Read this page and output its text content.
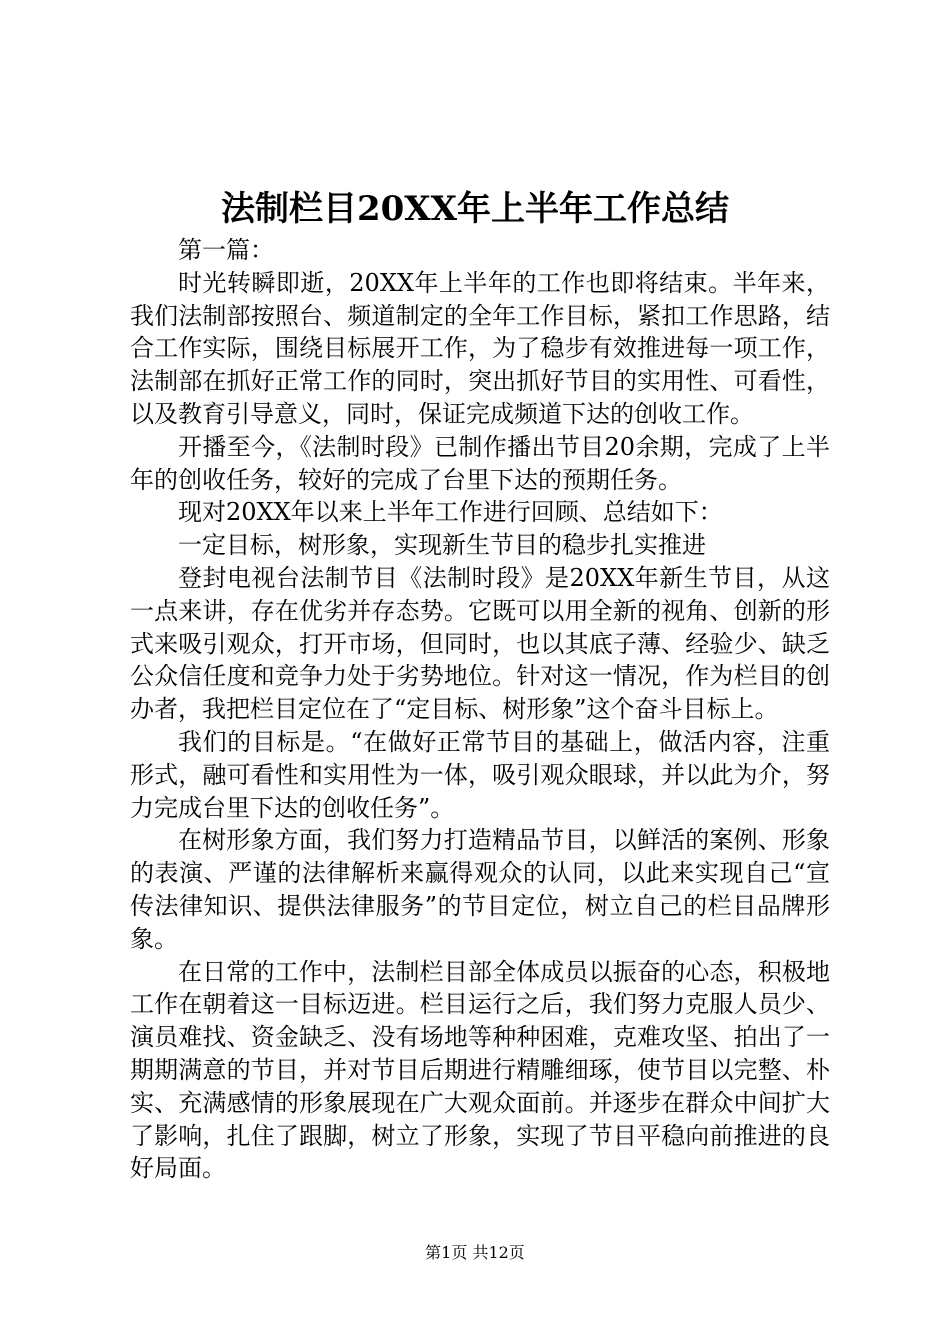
法制栏目20XX年上半年工作总结

第一篇：

时光转瞬即逝，20XX年上半年的工作也即将结束。半年来，我们法制部按照台、频道制定的全年工作目标，紧扣工作思路，结合工作实际，围绕目标展开工作，为了稳步有效推进每一项工作，法制部在抓好正常工作的同时，突出抓好节目的实用性、可看性，以及教育引导意义，同时，保证完成频道下达的创收工作。

开播至今，《法制时段》已制作播出节目20余期，完成了上半年的创收任务，较好的完成了台里下达的预期任务。

现对20XX年以来上半年工作进行回顾、总结如下：

一定目标，树形象，实现新生节目的稳步扎实推进

登封电视台法制节目《法制时段》是20XX年新生节目，从这一点来讲，存在优劣并存态势。它既可以用全新的视角、创新的形式来吸引观众，打开市场，但同时，也以其底子薄、经验少、缺乏公众信任度和竞争力处于劣势地位。针对这一情况，作为栏目的创办者，我把栏目定位在了“定目标、树形象”这个奋斗目标上。

我们的目标是。“在做好正常节目的基础上，做活内容，注重形式，融可看性和实用性为一体，吸引观众眼球，并以此为介，努力完成台里下达的创收任务”。

在树形象方面，我们努力打造精品节目，以鲜活的案例、形象的表演、严谨的法律解析来赢得观众的认同，以此来实现自己“宣传法律知识、提供法律服务”的节目定位，树立自己的栏目品牌形象。

在日常的工作中，法制栏目部全体成员以振奋的心态，积极地工作在朝着这一目标迈进。栏目运行之后，我们努力克服人员少、演员难找、资金缺乏、没有场地等种种困难，克难攻坚、拍出了一期期满意的节目，并对节目后期进行精雕细琢，使节目以完整、朴实、充满感情的形象展现在广大观众面前。并逐步在群众中间扩大了影响，扎住了跟脚，树立了形象，实现了节目平稳向前推进的良好局面。

第1页 共12页
